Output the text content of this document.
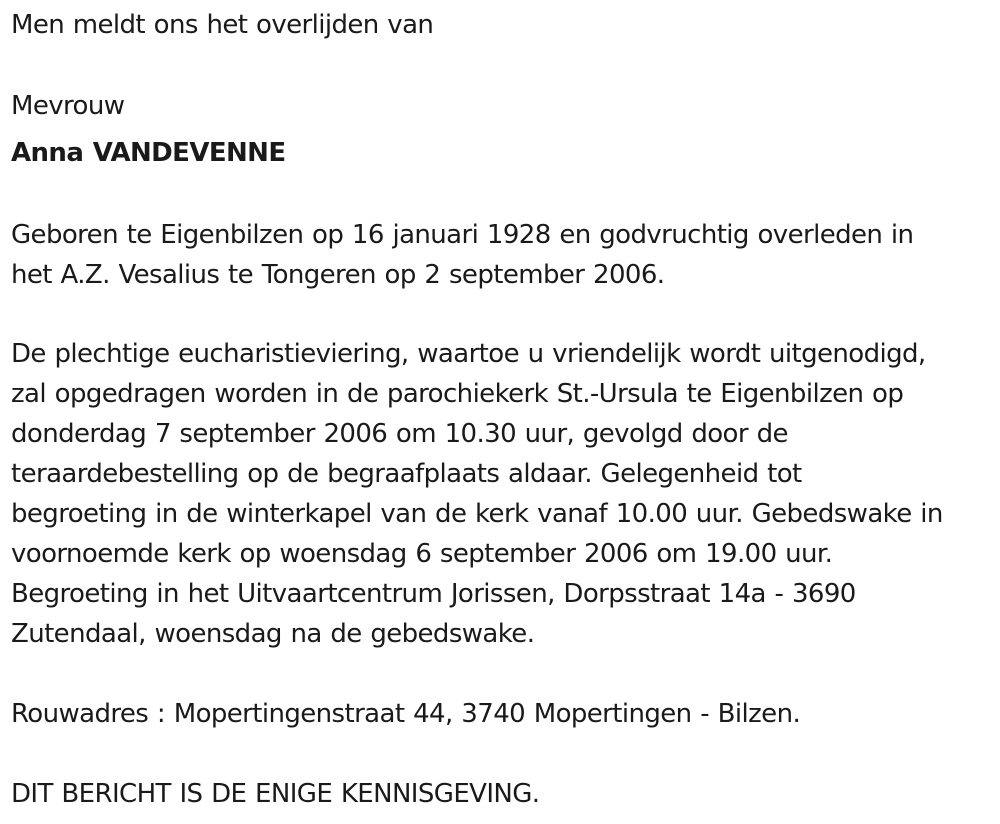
Men meldt ons het overlijden van
Mevrouw
Anna VANDEVENNE
Geboren te Eigenbilzen op 16 januari 1928 en godvruchtig overleden in
het A.Z. Vesalius te Tongeren op 2 september 2006.
De plechtige eucharistieviering, waartoe u vriendelijk wordt uitgenodigd,
zal opgedragen worden in de parochiekerk St.-Ursula te Eigenbilzen op
donderdag 7 september 2006 om 10.30 uur, gevolgd door de
teraardebestelling op de begraafplaats aldaar. Gelegenheid tot
begroeting in de winterkapel van de kerk vanaf 10.00 uur. Gebedswake in
voornoemde kerk op woensdag 6 september 2006 om 19.00 uur.
Begroeting in het Uitvaartcentrum Jorissen, Dorpsstraat 14a - 3690
Zutendaal, woensdag na de gebedswake.
Rouwadres : Mopertingenstraat 44, 3740 Mopertingen - Bilzen.
DIT BERICHT IS DE ENIGE KENNISGEVING.
